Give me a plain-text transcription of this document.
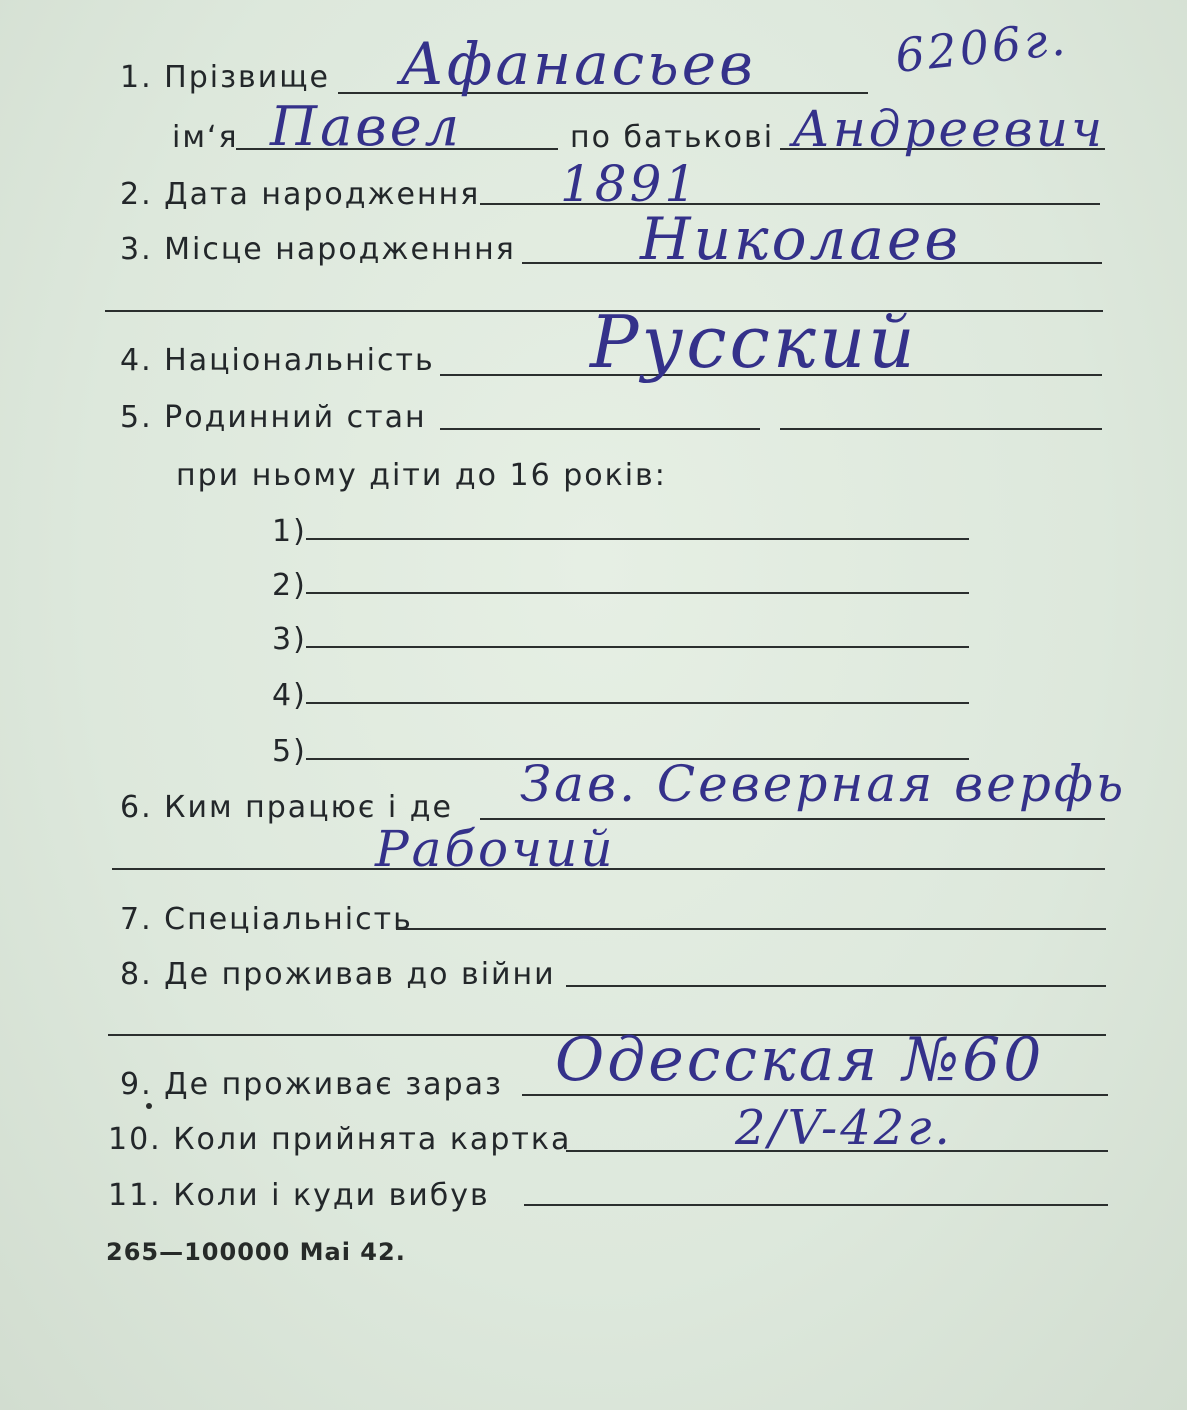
1. Прізвище Афанасьев	6206г.
ім‘я Павел	по батькові Андреевич
2. Дата народження 1891
3. Місце народженння Николаев
4. Національність Русский
5. Родинний стан
при ньому діти до 16 років:
1)
2)
3)
4)
5)
6. Ким працює і де Зав. Северная верфь
Рабочий
7. Спеціальність
8. Де проживав до війни
9. Де проживає зараз Одесская №60
10. Коли прийнята картка	2/V-42г.
11. Коли і куди вибув
265—100000 Mai 42.
